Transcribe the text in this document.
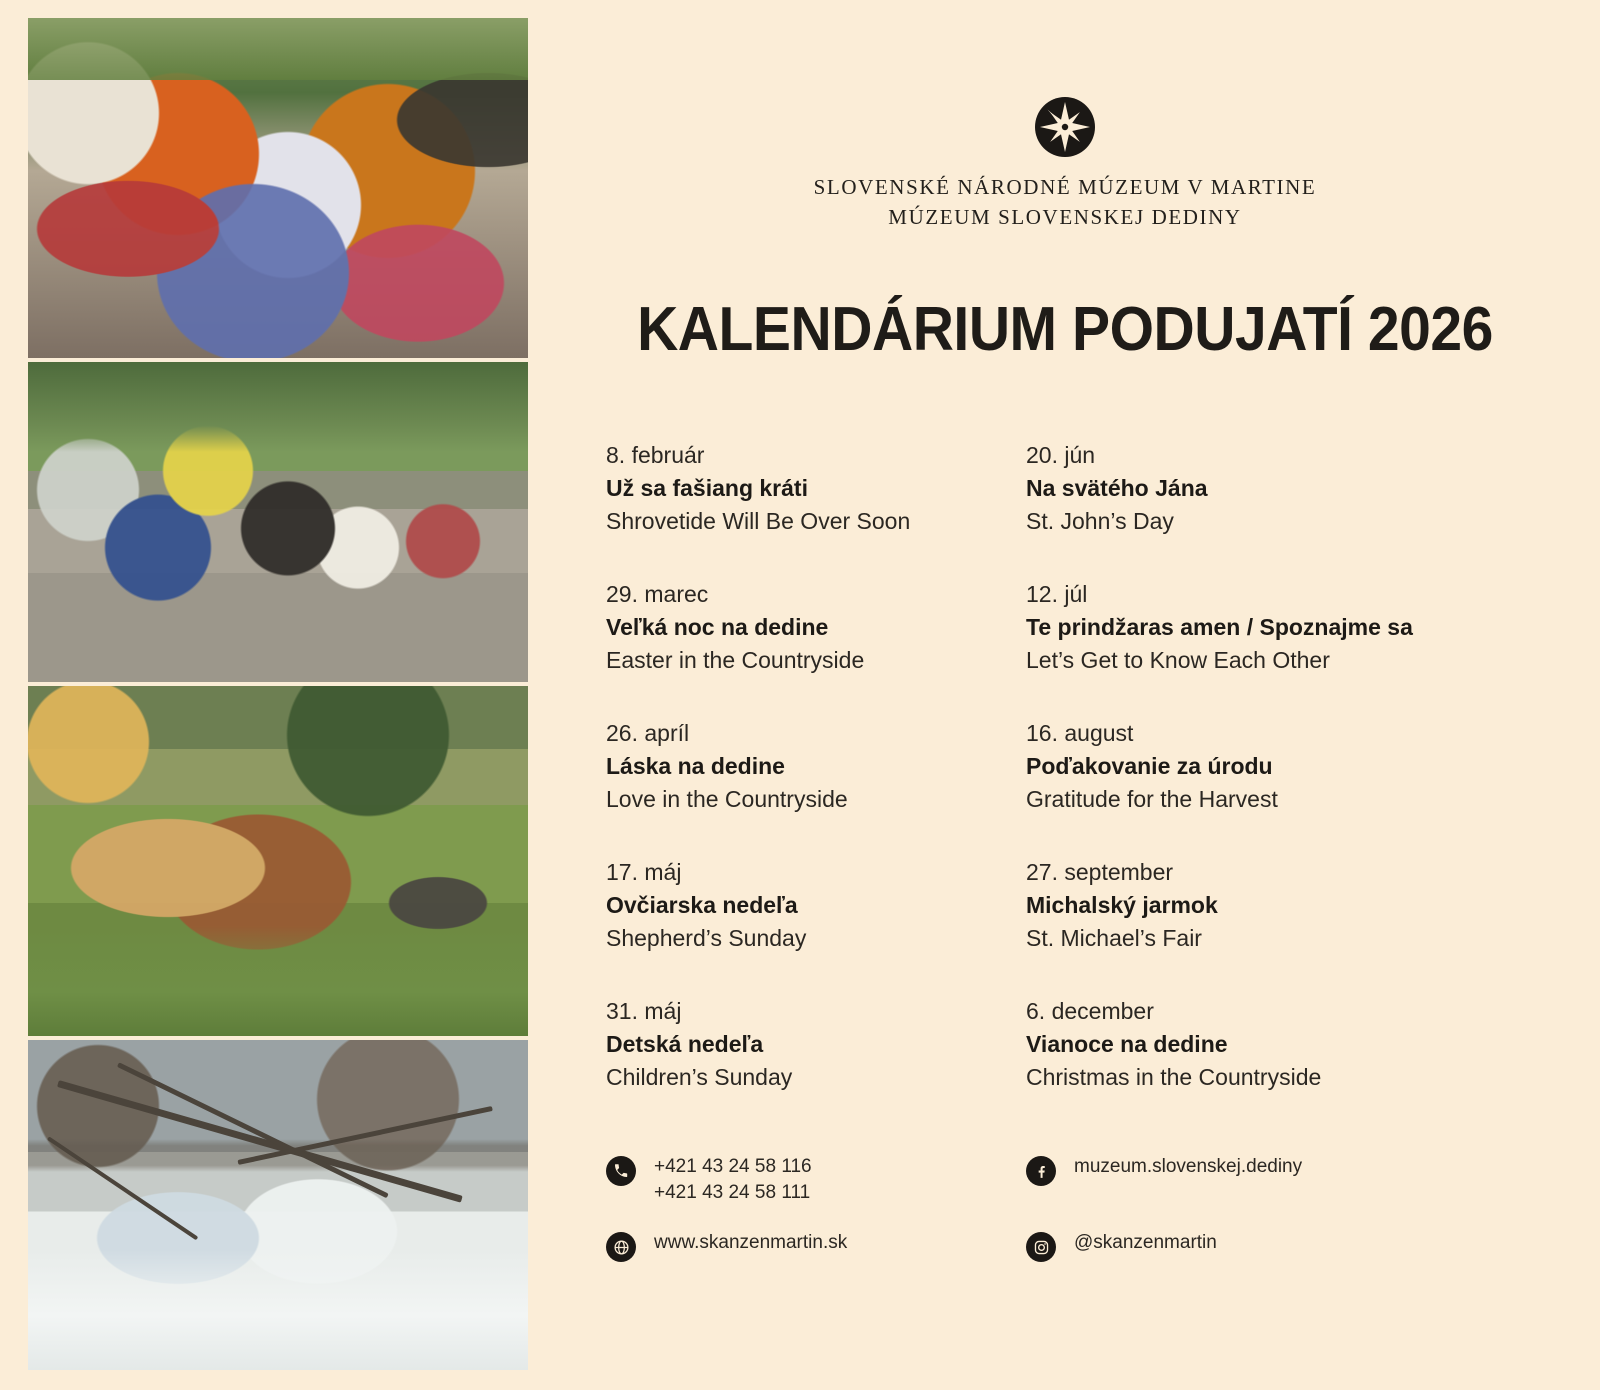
SLOVENSKÉ NÁRODNÉ MÚZEUM V MARTINE
MÚZEUM SLOVENSKEJ DEDINY
KALENDÁRIUM PODUJATÍ 2026
8. február
Už sa fašiang kráti
Shrovetide Will Be Over Soon
20. jún
Na svätého Jána
St. John’s Day
29. marec
Veľká noc na dedine
Easter in the Countryside
12. júl
Te prindžaras amen / Spoznajme sa
Let’s Get to Know Each Other
26. apríl
Láska na dedine
Love in the Countryside
16. august
Poďakovanie za úrodu
Gratitude for the Harvest
17. máj
Ovčiarska nedeľa
Shepherd’s Sunday
27. september
Michalský jarmok
St. Michael’s Fair
31. máj
Detská nedeľa
Children’s Sunday
6. december
Vianoce na dedine
Christmas in the Countryside
+421 43 24 58 116
+421 43 24 58 111
muzeum.slovenskej.dediny
www.skanzenmartin.sk	@skanzenmartin
